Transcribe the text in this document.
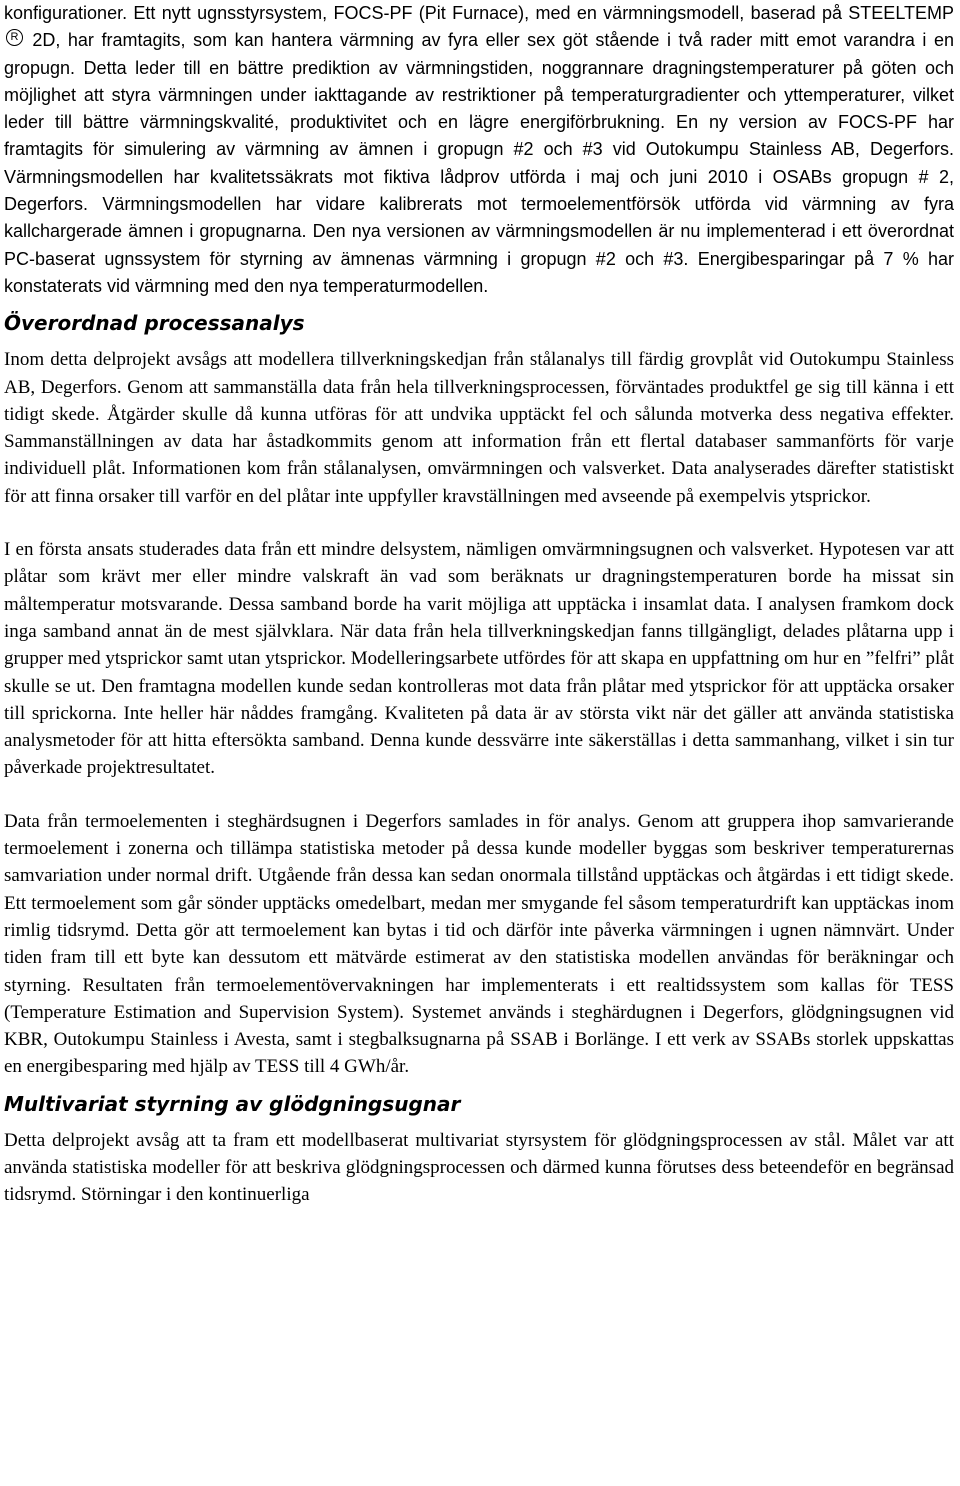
konfigurationer. Ett nytt ugnsstyrsystem, FOCS-PF (Pit Furnace), med en värmningsmodell, baserad på STEELTEMP R 2D, har framtagits, som kan hantera värmning av fyra eller sex göt stående i två rader mitt emot varandra i en gropugn. Detta leder till en bättre prediktion av värmningstiden, noggrannare dragningstemperaturer på göten och möjlighet att styra värmningen under iakttagande av restriktioner på temperaturgradienter och yttemperaturer, vilket leder till bättre värmningskvalité, produktivitet och en lägre energiförbrukning. En ny version av FOCS-PF har framtagits för simulering av värmning av ämnen i gropugn #2 och #3 vid Outokumpu Stainless AB, Degerfors. Värmningsmodellen har kvalitetssäkrats mot fiktiva lådprov utförda i maj och juni 2010 i OSABs gropugn # 2, Degerfors. Värmningsmodellen har vidare kalibrerats mot termoelementförsök utförda vid värmning av fyra kallchargerade ämnen i gropugnarna. Den nya versionen av värmningsmodellen är nu implementerad i ett överordnat PC-baserat ugnssystem för styrning av ämnenas värmning i gropugn #2 och #3. Energibesparingar på 7 % har konstaterats vid värmning med den nya temperaturmodellen.

Överordnad processanalys

Inom detta delprojekt avsågs att modellera tillverkningskedjan från stålanalys till färdig grovplåt vid Outokumpu Stainless AB, Degerfors. Genom att sammanställa data från hela tillverkningsprocessen, förväntades produktfel ge sig till känna i ett tidigt skede. Åtgärder skulle då kunna utföras för att undvika upptäckt fel och sålunda motverka dess negativa effekter. Sammanställningen av data har åstadkommits genom att information från ett flertal databaser sammanförts för varje individuell plåt. Informationen kom från stålanalysen, omvärmningen och valsverket. Data analyserades därefter statistiskt för att finna orsaker till varför en del plåtar inte uppfyller kravställningen med avseende på exempelvis ytsprickor.

I en första ansats studerades data från ett mindre delsystem, nämligen omvärmningsugnen och valsverket. Hypotesen var att plåtar som krävt mer eller mindre valskraft än vad som beräknats ur dragningstemperaturen borde ha missat sin måltemperatur motsvarande. Dessa samband borde ha varit möjliga att upptäcka i insamlat data. I analysen framkom dock inga samband annat än de mest självklara. När data från hela tillverkningskedjan fanns tillgängligt, delades plåtarna upp i grupper med ytsprickor samt utan ytsprickor. Modelleringsarbete utfördes för att skapa en uppfattning om hur en ”felfri” plåt skulle se ut. Den framtagna modellen kunde sedan kontrolleras mot data från plåtar med ytsprickor för att upptäcka orsaker till sprickorna. Inte heller här nåddes framgång. Kvaliteten på data är av största vikt när det gäller att använda statistiska analysmetoder för att hitta eftersökta samband. Denna kunde dessvärre inte säkerställas i detta sammanhang, vilket i sin tur påverkade projektresultatet.

Data från termoelementen i steghärdsugnen i Degerfors samlades in för analys. Genom att gruppera ihop samvarierande termoelement i zonerna och tillämpa statistiska metoder på dessa kunde modeller byggas som beskriver temperaturernas samvariation under normal drift. Utgående från dessa kan sedan onormala tillstånd upptäckas och åtgärdas i ett tidigt skede. Ett termoelement som går sönder upptäcks omedelbart, medan mer smygande fel såsom temperaturdrift kan upptäckas inom rimlig tidsrymd. Detta gör att termoelement kan bytas i tid och därför inte påverka värmningen i ugnen nämnvärt. Under tiden fram till ett byte kan dessutom ett mätvärde estimerat av den statistiska modellen användas för beräkningar och styrning. Resultaten från termoelementövervakningen har implementerats i ett realtidssystem som kallas för TESS (Temperature Estimation and Supervision System). Systemet används i steghärdugnen i Degerfors, glödgningsugnen vid KBR, Outokumpu Stainless i Avesta, samt i stegbalksugnarna på SSAB i Borlänge. I ett verk av SSABs storlek uppskattas en energibesparing med hjälp av TESS till 4 GWh/år.

Multivariat styrning av glödgningsugnar

Detta delprojekt avsåg att ta fram ett modellbaserat multivariat styrsystem för glödgningsprocessen av stål. Målet var att använda statistiska modeller för att beskriva glödgningsprocessen och därmed kunna förutses dess beteendeför en begränsad tidsrymd. Störningar i den kontinuerliga
